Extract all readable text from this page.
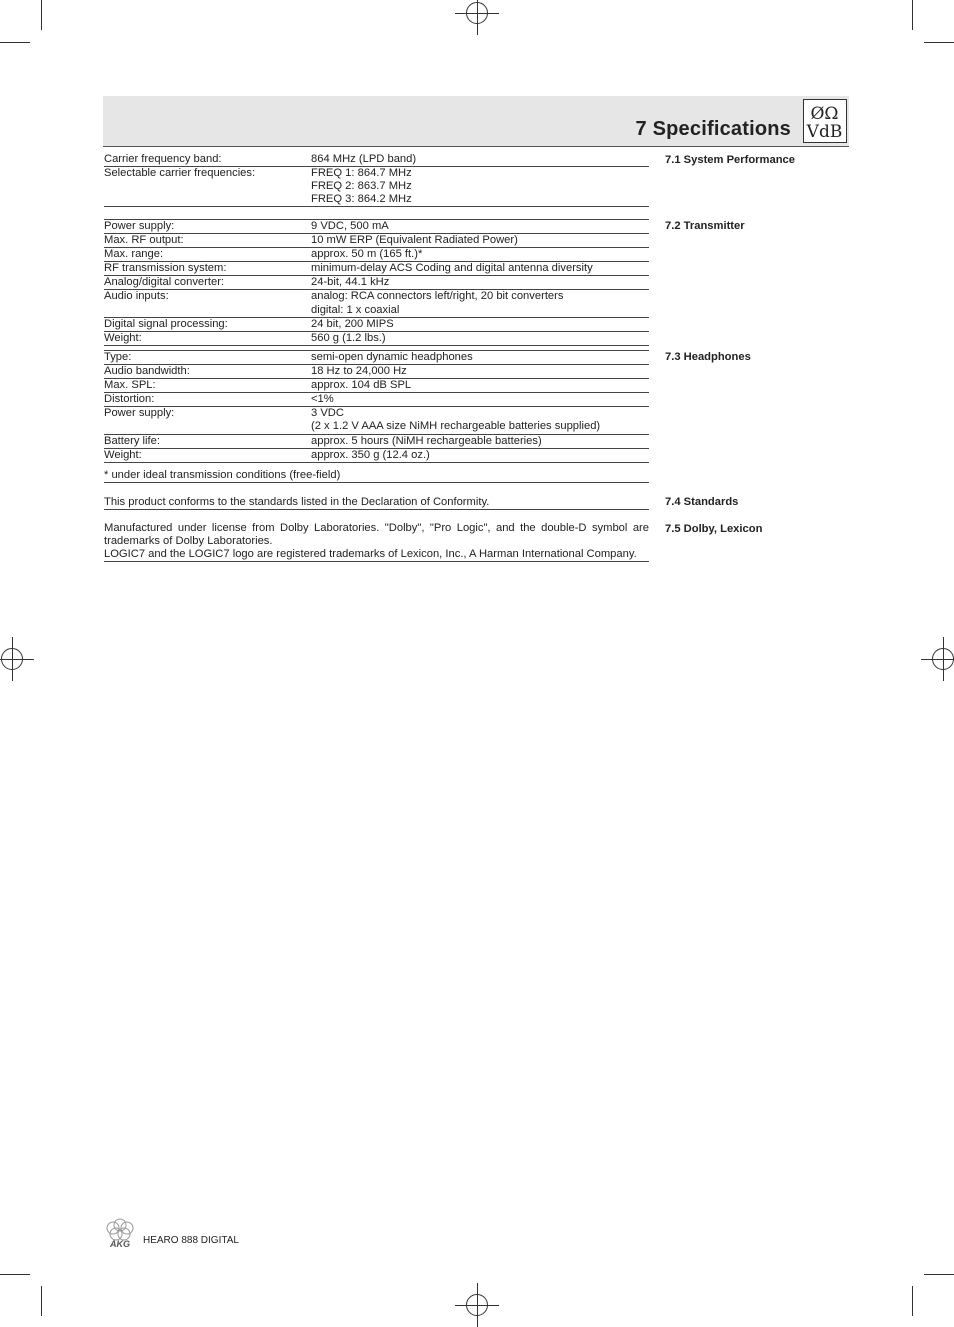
7 Specifications
ØΩ
VdB
7.1 System Performance
Carrier frequency band:	864 MHz (LPD band)
Selectable carrier frequencies:	FREQ 1: 864.7 MHz
FREQ 2: 863.7 MHz
FREQ 3: 864.2 MHz
7.2 Transmitter
Power supply:	9 VDC, 500 mA
Max. RF output:	10 mW ERP (Equivalent Radiated Power)
Max. range:	approx. 50 m (165 ft.)*
RF transmission system:	minimum-delay ACS Coding and digital antenna diversity
Analog/digital converter:	24-bit, 44.1 kHz
Audio inputs:	analog: RCA connectors left/right, 20 bit converters
digital: 1 x coaxial
Digital signal processing:	24 bit, 200 MIPS
Weight:	560 g (1.2 lbs.)
7.3 Headphones
Type:	semi-open dynamic headphones
Audio bandwidth:	18 Hz to 24,000 Hz
Max. SPL:	approx. 104 dB SPL
Distortion:	<1%
Power supply:	3 VDC
(2 x 1.2 V AAA size NiMH rechargeable batteries supplied)
Battery life:	approx. 5 hours (NiMH rechargeable batteries)
Weight:	approx. 350 g (12.4 oz.)
* under ideal transmission conditions (free-field)
7.4 Standards
This product conforms to the standards listed in the Declaration of Conformity.
7.5 Dolby, Lexicon
Manufactured under license from Dolby Laboratories. "Dolby", "Pro Logic", and the double-D symbol are trademarks of Dolby Laboratories.
LOGIC7 and the LOGIC7 logo are registered trademarks of Lexicon, Inc., A Harman International Company.
AKG HEARO 888 DIGITAL
